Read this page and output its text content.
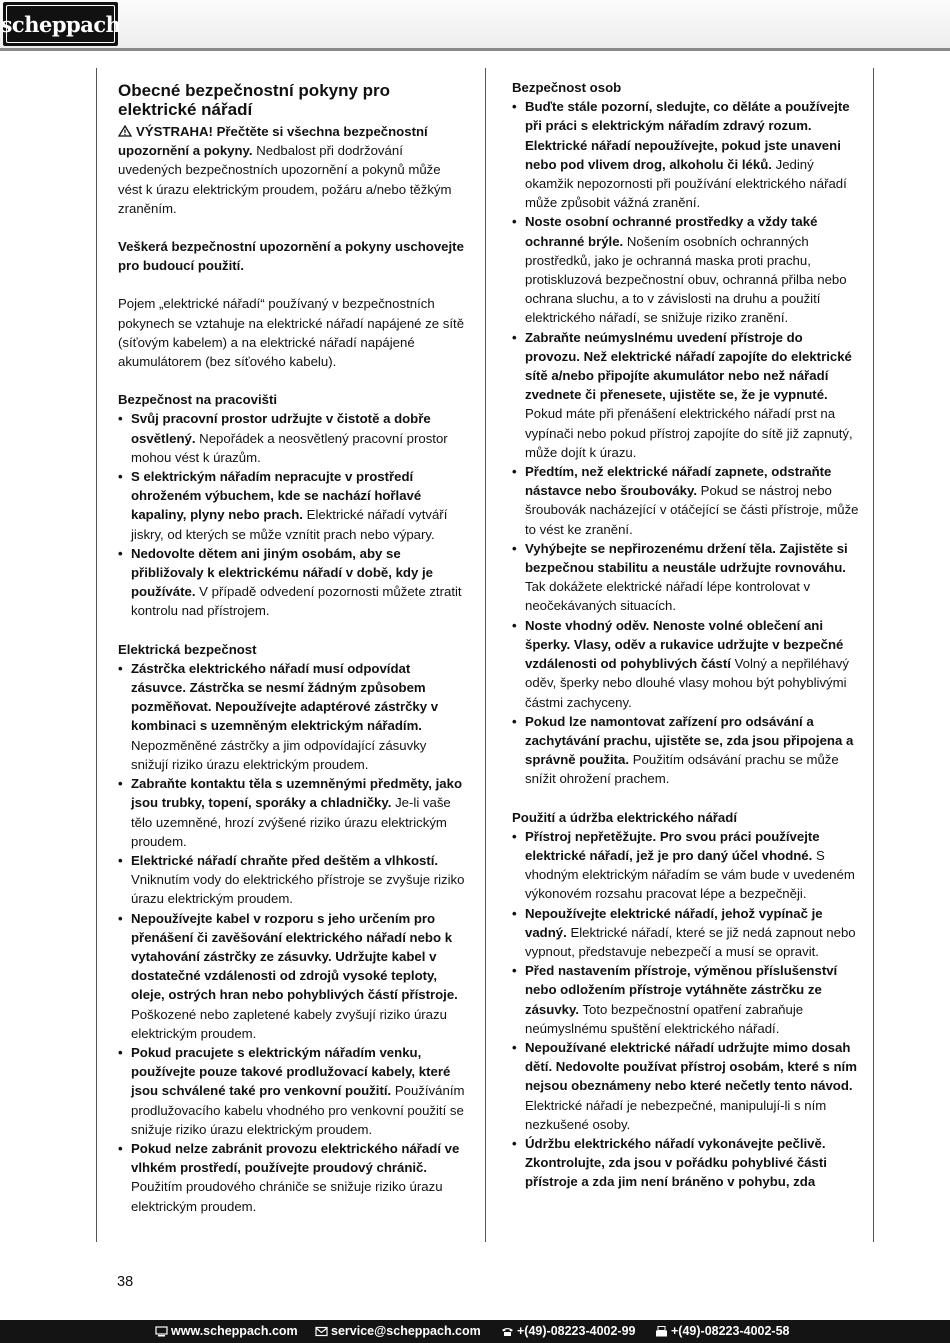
scheppach
Obecné bezpečnostní pokyny pro elektrické nářadí

VÝSTRAHA! Přečtěte si všechna bezpečnostní upozornění a pokyny. Nedbalost při dodržování uvedených bezpečnostních upozornění a pokynů může vést k úrazu elektrickým proudem, požáru a/nebo těžkým zraněním.

Veškerá bezpečnostní upozornění a pokyny uschovejte pro budoucí použití.

Pojem „elektrické nářadí“ používaný v bezpečnostních pokynech se vztahuje na elektrické nářadí napájené ze sítě (síťovým kabelem) a na elektrické nářadí napájené akumulátorem (bez síťového kabelu).

Bezpečnost na pracovišti

• Svůj pracovní prostor udržujte v čistotě a dobře osvětlený. Nepořádek a neosvětlený pracovní prostor mohou vést k úrazům.
• S elektrickým nářadím nepracujte v prostředí ohroženém výbuchem, kde se nachází hořlavé kapaliny, plyny nebo prach. Elektrické nářadí vytváří jiskry, od kterých se může vznítit prach nebo výpary.
• Nedovolte dětem ani jiným osobám, aby se přibližovaly k elektrickému nářadí v době, kdy je používáte. V případě odvedení pozornosti můžete ztratit kontrolu nad přístrojem.

Elektrická bezpečnost

• Zástrčka elektrického nářadí musí odpovídat zásuvce. Zástrčka se nesmí žádným způsobem pozměňovat. Nepoužívejte adaptérové zástrčky v kombinaci s uzemněným elektrickým nářadím. Nepozměněné zástrčky a jim odpovídající zásuvky snižují riziko úrazu elektrickým proudem.
• Zabraňte kontaktu těla s uzemněnými předměty, jako jsou trubky, topení, sporáky a chladničky. Je-li vaše tělo uzemněné, hrozí zvýšené riziko úrazu elektrickým proudem.
• Elektrické nářadí chraňte před deštěm a vlhkostí. Vniknutím vody do elektrického přístroje se zvyšuje riziko úrazu elektrickým proudem.
• Nepoužívejte kabel v rozporu s jeho určením pro přenášení či zavěšování elektrického nářadí nebo k vytahování zástrčky ze zásuvky. Udržujte kabel v dostatečné vzdálenosti od zdrojů vysoké teploty, oleje, ostrých hran nebo pohyblivých částí přístroje. Poškozené nebo zapletené kabely zvyšují riziko úrazu elektrickým proudem.
• Pokud pracujete s elektrickým nářadím venku, používejte pouze takové prodlužovací kabely, které jsou schválené také pro venkovní použití. Používáním prodlužovacího kabelu vhodného pro venkovní použití se snižuje riziko úrazu elektrickým proudem.
• Pokud nelze zabránit provozu elektrického nářadí ve vlhkém prostředí, používejte proudový chránič. Použitím proudového chrániče se snižuje riziko úrazu elektrickým proudem.

Bezpečnost osob

• Buďte stále pozorní, sledujte, co děláte a používejte při práci s elektrickým nářadím zdravý rozum. Elektrické nářadí nepoužívejte, pokud jste unaveni nebo pod vlivem drog, alkoholu či léků. Jediný okamžik nepozornosti při používání elektrického nářadí může způsobit vážná zranění.
• Noste osobní ochranné prostředky a vždy také ochranné brýle. Nošením osobních ochranných prostředků, jako je ochranná maska proti prachu, protiskluzová bezpečnostní obuv, ochranná přilba nebo ochrana sluchu, a to v závislosti na druhu a použití elektrického nářadí, se snižuje riziko zranění.
• Zabraňte neúmyslnému uvedení přístroje do provozu. Než elektrické nářadí zapojíte do elektrické sítě a/nebo připojíte akumulátor nebo než nářadí zvednete či přenesete, ujistěte se, že je vypnuté. Pokud máte při přenášení elektrického nářadí prst na vypínači nebo pokud přístroj zapojíte do sítě již zapnutý, může dojít k úrazu.
• Předtím, než elektrické nářadí zapnete, odstraňte nástavce nebo šroubováky. Pokud se nástroj nebo šroubovák nacházející v otáčející se části přístroje, může to vést ke zranění.
• Vyhýbejte se nepřirozenému držení těla. Zajistěte si bezpečnou stabilitu a neustále udržujte rovnováhu. Tak dokážete elektrické nářadí lépe kontrolovat v neočekávaných situacích.
• Noste vhodný oděv. Nenoste volné oblečení ani šperky. Vlasy, oděv a rukavice udržujte v bezpečné vzdálenosti od pohyblivých částí Volný a nepřiléhavý oděv, šperky nebo dlouhé vlasy mohou být pohyblivými částmi zachyceny.
• Pokud lze namontovat zařízení pro odsávání a zachytávání prachu, ujistěte se, zda jsou připojena a správně použita. Použitím odsávání prachu se může snížit ohrožení prachem.

Použití a údržba elektrického nářadí

• Přístroj nepřetěžujte. Pro svou práci používejte elektrické nářadí, jež je pro daný účel vhodné. S vhodným elektrickým nářadím se vám bude v uvedeném výkonovém rozsahu pracovat lépe a bezpečněji.
• Nepoužívejte elektrické nářadí, jehož vypínač je vadný. Elektrické nářadí, které se již nedá zapnout nebo vypnout, představuje nebezpečí a musí se opravit.
• Před nastavením přístroje, výměnou příslušenství nebo odložením přístroje vytáhněte zástrčku ze zásuvky. Toto bezpečnostní opatření zabraňuje neúmyslnému spuštění elektrického nářadí.
• Nepoužívané elektrické nářadí udržujte mimo dosah dětí. Nedovolte používat přístroj osobám, které s ním nejsou obeznámeny nebo které nečetly tento návod. Elektrické nářadí je nebezpečné, manipulují-li s ním nezkušené osoby.
• Údržbu elektrického nářadí vykonávejte pečlivě. Zkontrolujte, zda jsou v pořádku pohyblivé části přístroje a zda jim není bráněno v pohybu, zda
38
www.scheppach.com	service@scheppach.com	+(49)-08223-4002-99	+(49)-08223-4002-58
